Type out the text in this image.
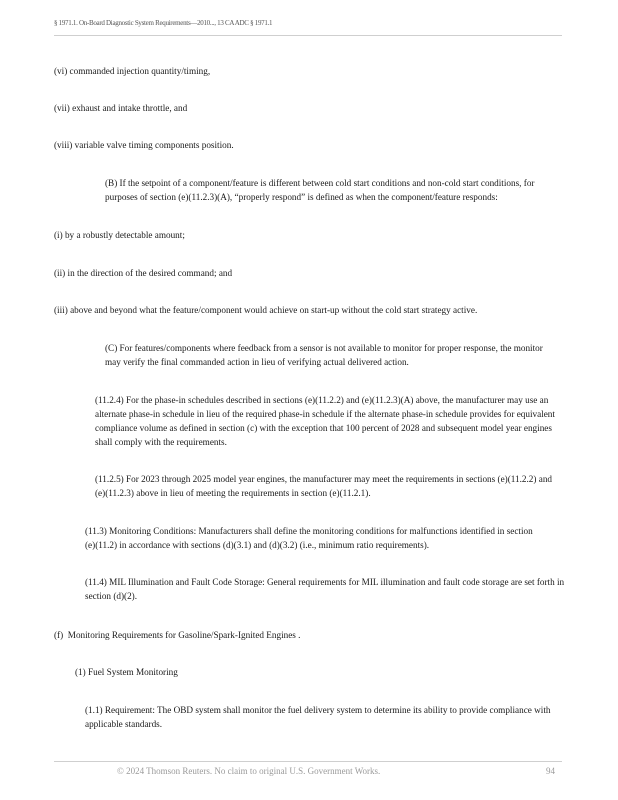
§ 1971.1. On-Board Diagnostic System Requirements—2010..., 13 CA ADC § 1971.1

(vi) commanded injection quantity/timing,

(vii) exhaust and intake throttle, and

(viii) variable valve timing components position.

(B) If the setpoint of a component/feature is different between cold start conditions and non-cold start conditions, for purposes of section (e)(11.2.3)(A), “properly respond” is defined as when the component/feature responds:

(i) by a robustly detectable amount;

(ii) in the direction of the desired command; and

(iii) above and beyond what the feature/component would achieve on start-up without the cold start strategy active.

(C) For features/components where feedback from a sensor is not available to monitor for proper response, the monitor may verify the final commanded action in lieu of verifying actual delivered action.

(11.2.4) For the phase-in schedules described in sections (e)(11.2.2) and (e)(11.2.3)(A) above, the manufacturer may use an alternate phase-in schedule in lieu of the required phase-in schedule if the alternate phase-in schedule provides for equivalent compliance volume as defined in section (c) with the exception that 100 percent of 2028 and subsequent model year engines shall comply with the requirements.

(11.2.5) For 2023 through 2025 model year engines, the manufacturer may meet the requirements in sections (e)(11.2.2) and (e)(11.2.3) above in lieu of meeting the requirements in section (e)(11.2.1).

(11.3) Monitoring Conditions: Manufacturers shall define the monitoring conditions for malfunctions identified in section (e)(11.2) in accordance with sections (d)(3.1) and (d)(3.2) (i.e., minimum ratio requirements).

(11.4) MIL Illumination and Fault Code Storage: General requirements for MIL illumination and fault code storage are set forth in section (d)(2).

(f)  Monitoring Requirements for Gasoline/Spark-Ignited Engines .

(1) Fuel System Monitoring

(1.1) Requirement: The OBD system shall monitor the fuel delivery system to determine its ability to provide compliance with applicable standards.

© 2024 Thomson Reuters. No claim to original U.S. Government Works.	94
